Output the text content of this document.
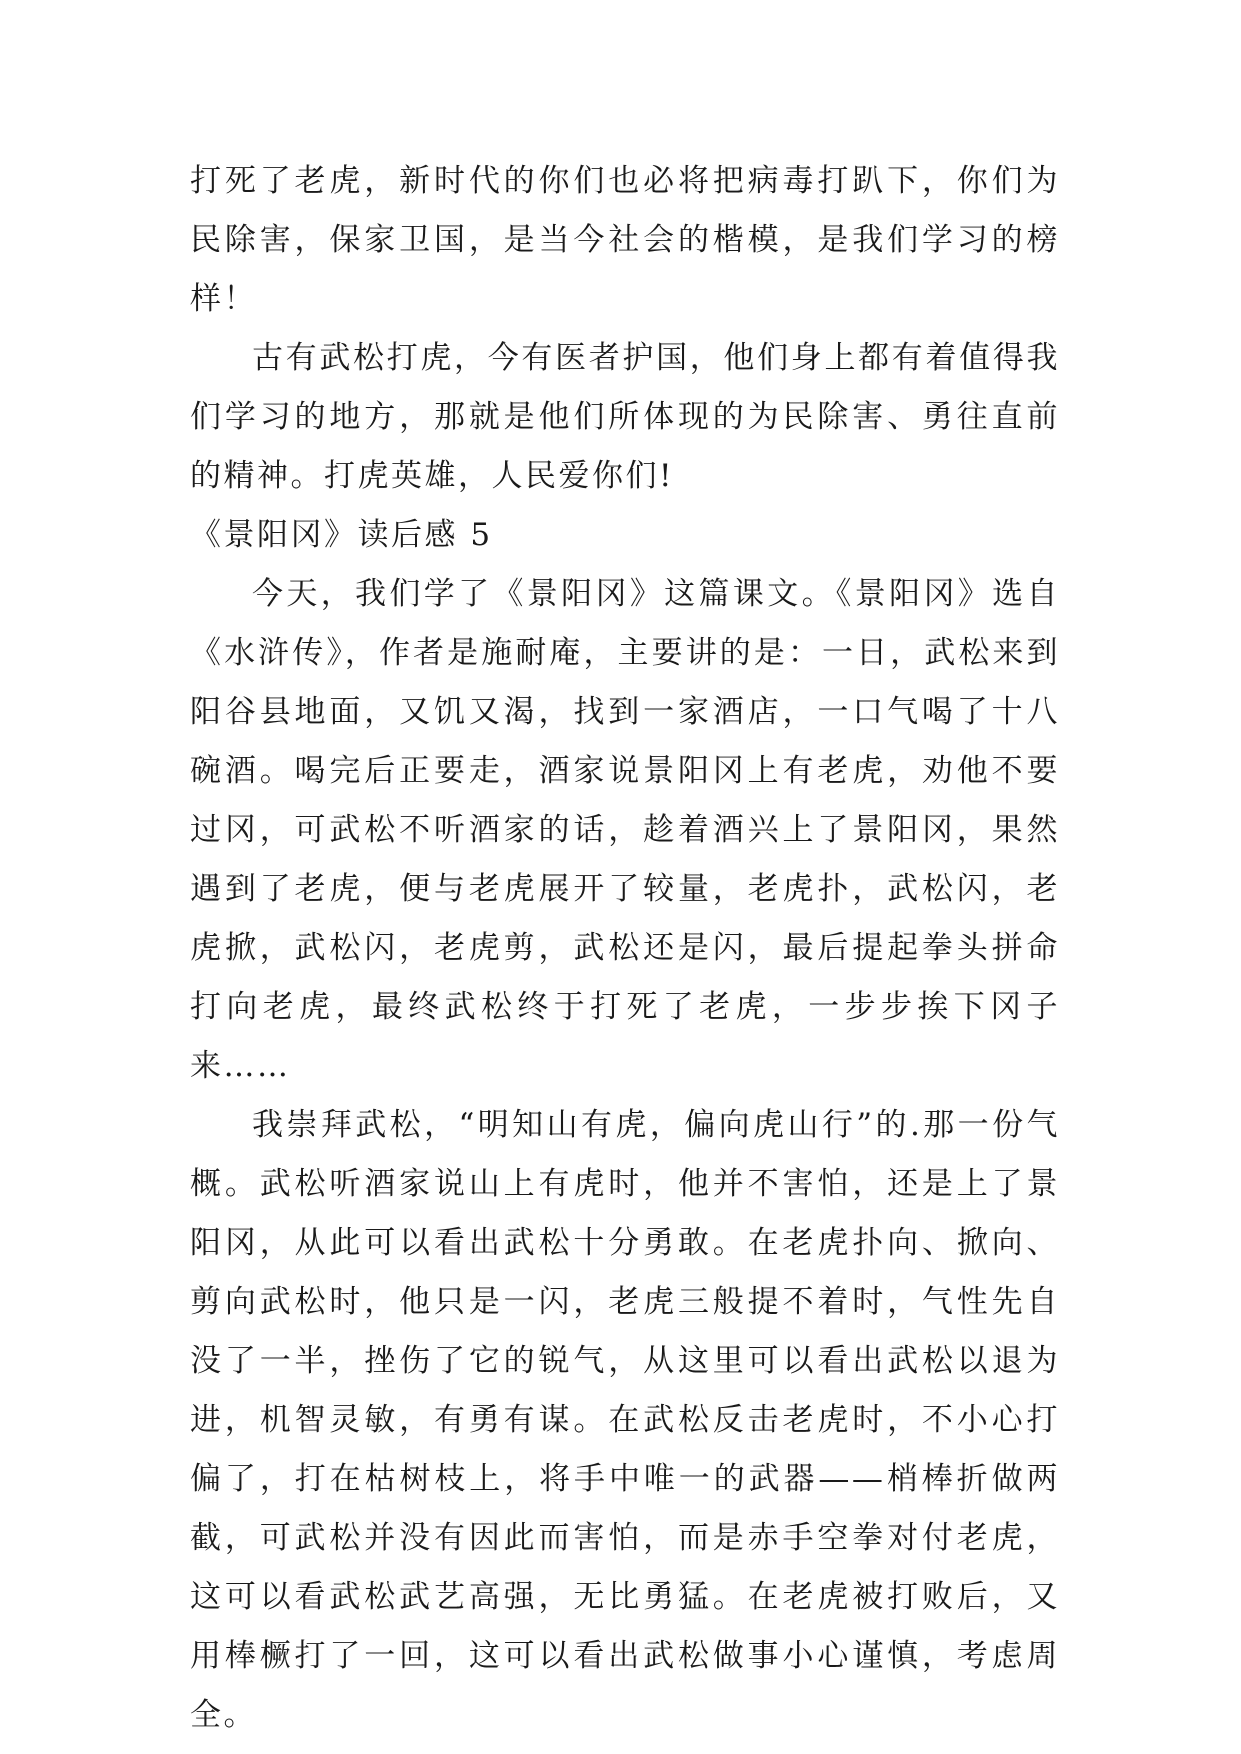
打死了老虎，新时代的你们也必将把病毒打趴下，你们为民除害，保家卫国，是当今社会的楷模，是我们学习的榜样！

古有武松打虎，今有医者护国，他们身上都有着值得我们学习的地方，那就是他们所体现的为民除害、勇往直前的精神。打虎英雄，人民爱你们!

《景阳冈》读后感 5

今天，我们学了《景阳冈》这篇课文。《景阳冈》选自《水浒传》，作者是施耐庵，主要讲的是：一日，武松来到阳谷县地面，又饥又渴，找到一家酒店，一口气喝了十八碗酒。喝完后正要走，酒家说景阳冈上有老虎，劝他不要过冈，可武松不听酒家的话，趁着酒兴上了景阳冈，果然遇到了老虎，便与老虎展开了较量，老虎扑，武松闪，老虎掀，武松闪，老虎剪，武松还是闪，最后提起拳头拼命打向老虎，最终武松终于打死了老虎，一步步挨下冈子来……

我崇拜武松，“明知山有虎，偏向虎山行”的.那一份气概。武松听酒家说山上有虎时，他并不害怕，还是上了景阳冈，从此可以看出武松十分勇敢。在老虎扑向、掀向、剪向武松时，他只是一闪，老虎三般提不着时，气性先自没了一半，挫伤了它的锐气，从这里可以看出武松以退为进，机智灵敏，有勇有谋。在武松反击老虎时，不小心打偏了，打在枯树枝上，将手中唯一的武器——梢棒折做两截，可武松并没有因此而害怕，而是赤手空拳对付老虎，这可以看武松武艺高强，无比勇猛。在老虎被打败后，又用棒橛打了一回，这可以看出武松做事小心谨慎，考虑周全。
